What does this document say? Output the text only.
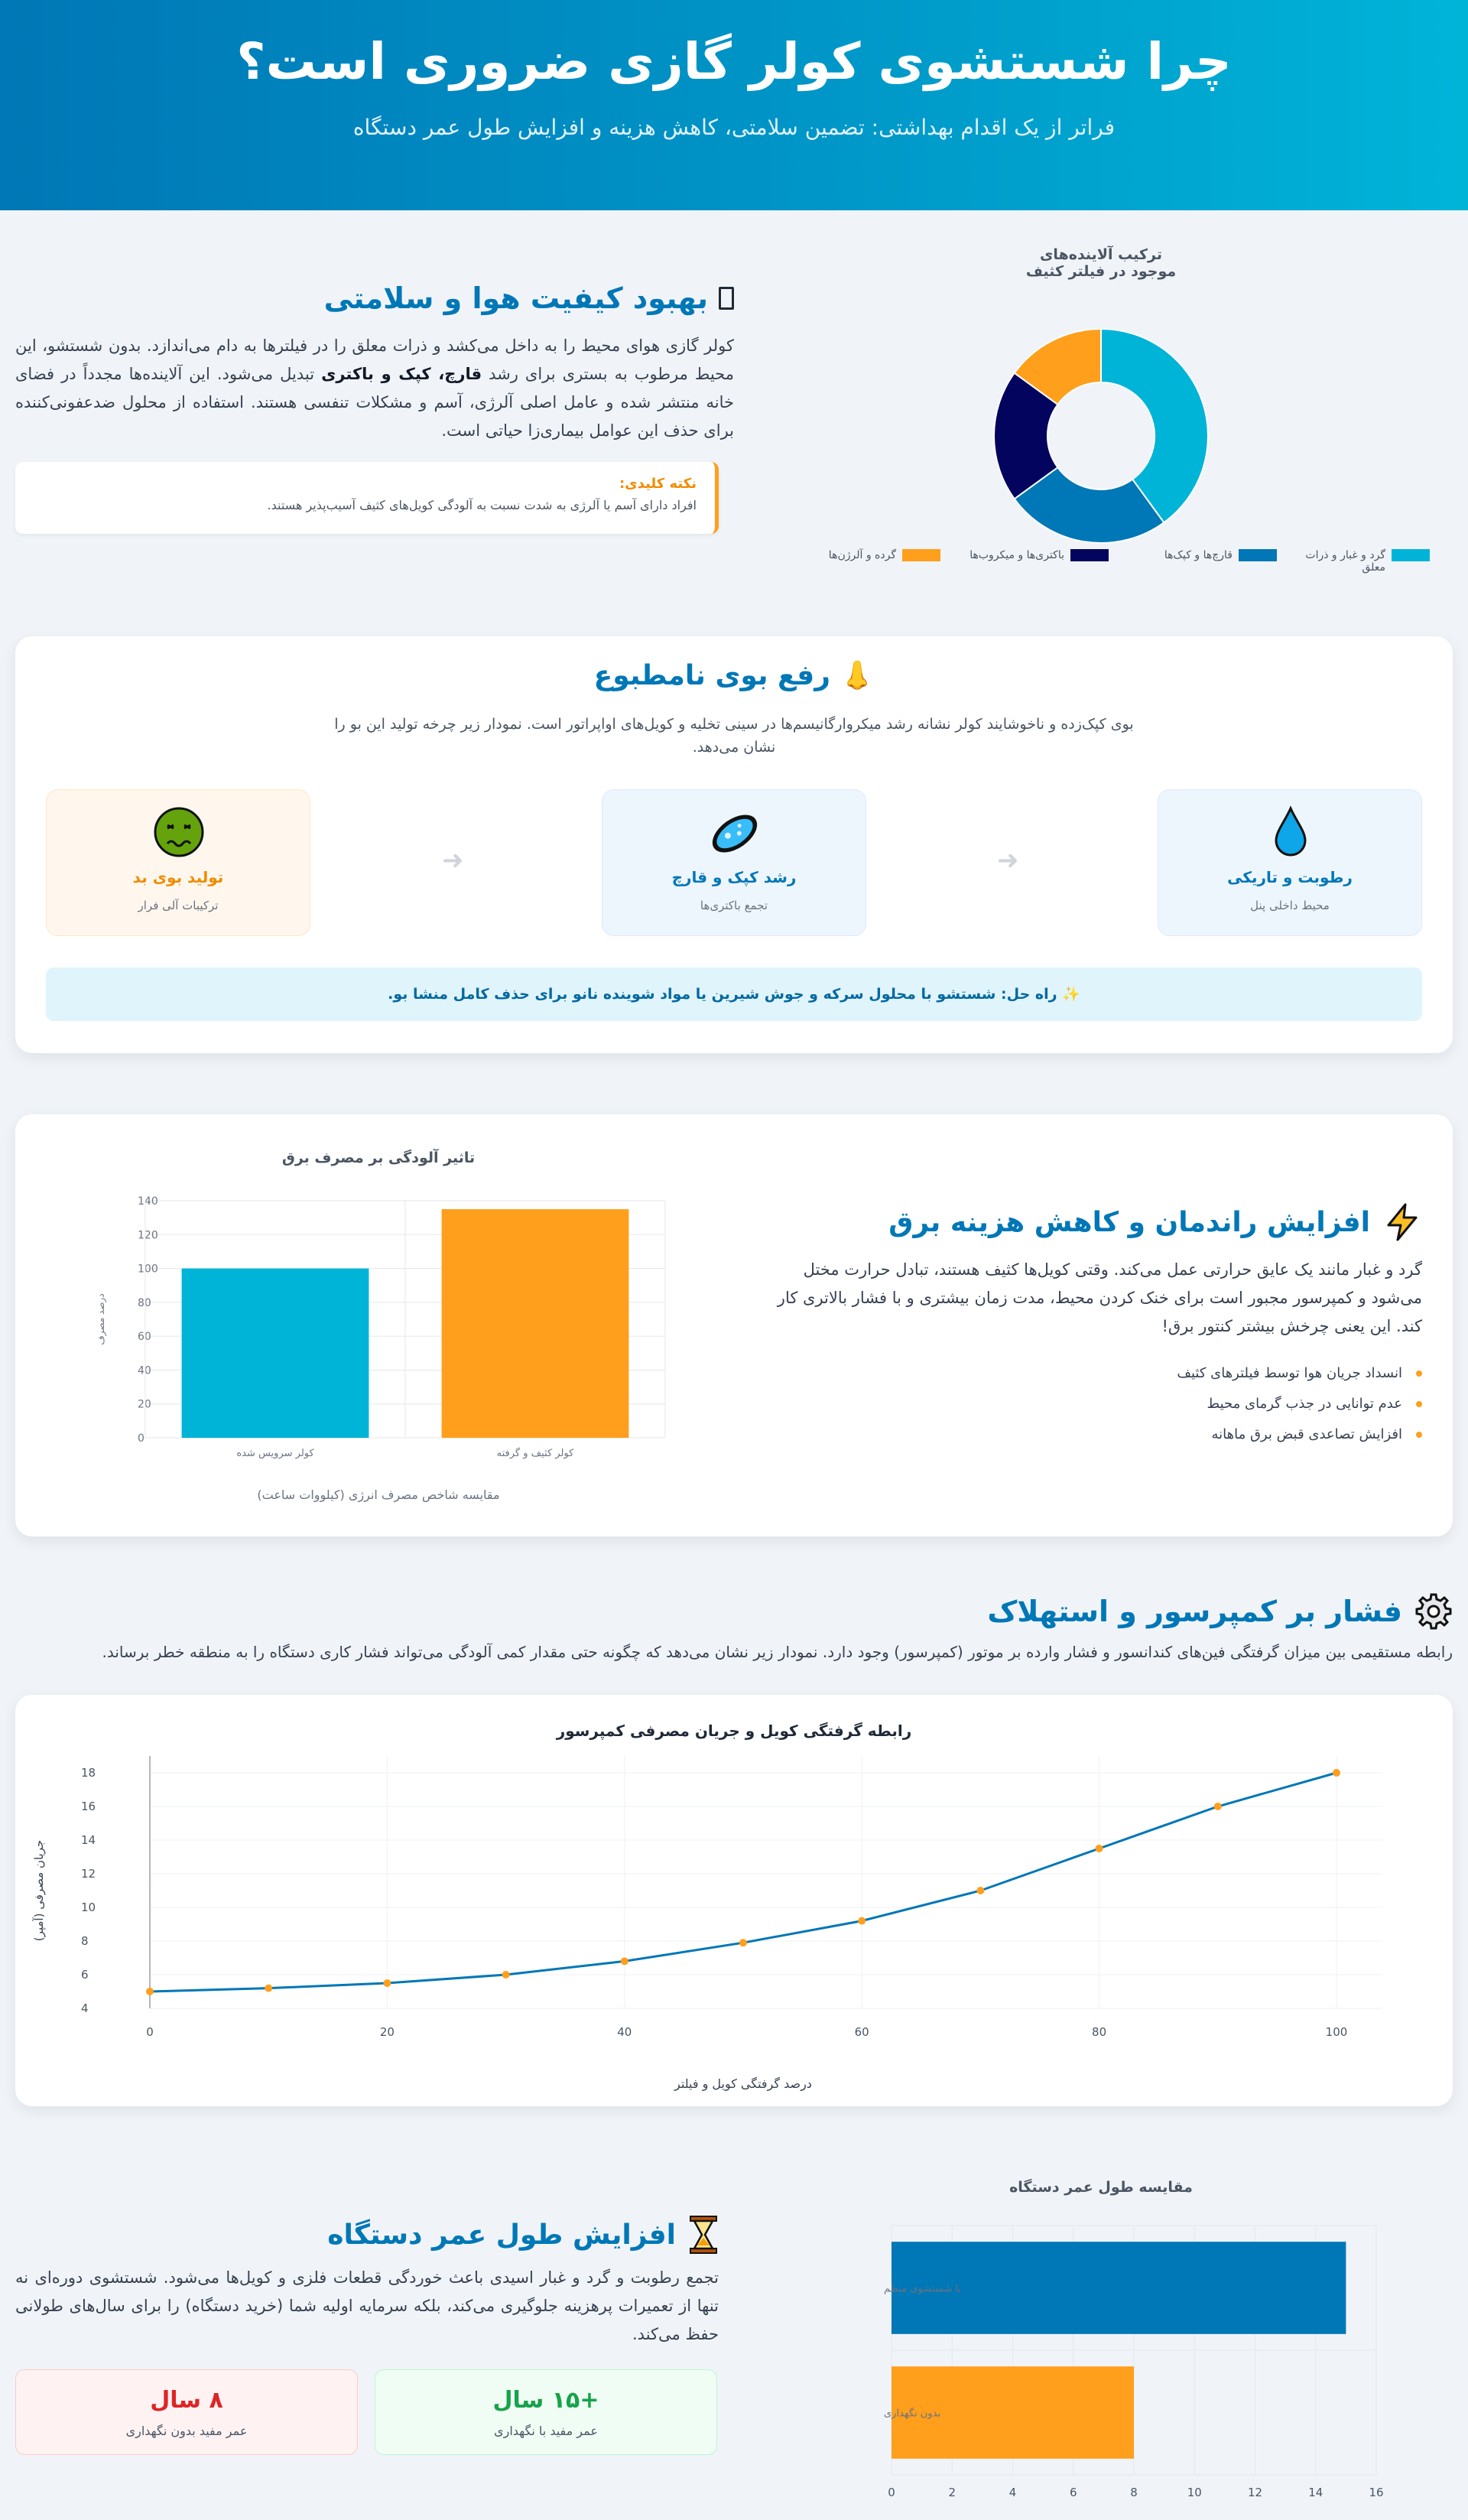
چرا شستشوی کولر گازی ضروری است؟
فراتر از یک اقدام بهداشتی: تضمین سلامتی، کاهش هزینه و افزایش طول عمر دستگاه
بهبود کیفیت هوا و سلامتی

کولر گازی هوای محیط را به داخل می‌کشد و ذرات معلق را در فیلترها به دام می‌اندازد. بدون شستشو، این محیط مرطوب به بستری برای رشد قارچ، کپک و باکتری تبدیل می‌شود. این آلاینده‌ها مجدداً در فضای خانه منتشر شده و عامل اصلی آلرژی، آسم و مشکلات تنفسی هستند. استفاده از محلول ضدعفونی‌کننده برای حذف این عوامل بیماری‌زا حیاتی است.

نکته کلیدی:
افراد دارای آسم یا آلرژی به شدت نسبت به آلودگی کویل‌های کثیف آسیب‌پذیر هستند.
ترکیب آلاینده‌های موجود در فیلتر کثیف
گرد و غبار و ذرات معلق
قارچ‌ها و کپک‌ها
باکتری‌ها و میکروب‌ها
گرده و آلرژن‌ها
👃 رفع بوی نامطبوع
بوی کپک‌زده و ناخوشایند کولر نشانه رشد میکروارگانیسم‌ها در سینی تخلیه و کویل‌های اواپراتور است. نمودار زیر چرخه تولید این بو را نشان می‌دهد.
رطوبت و تاریکی
محیط داخلی پنل
➜
رشد کپک و قارچ
تجمع باکتری‌ها
➜
تولید بوی بد
ترکیبات آلی فرار
✨ راه حل: شستشو با محلول سرکه و جوش شیرین یا مواد شوینده نانو برای حذف کامل منشا بو.
تاثیر آلودگی بر مصرف برق
0
20
40
60
80
100
120
140
کولر سرویس شده	کولر کثیف و گرفته
درصد مصرف
مقایسه شاخص مصرف انرژی (کیلووات ساعت)
افزایش راندمان و کاهش هزینه برق

گرد و غبار مانند یک عایق حرارتی عمل می‌کند. وقتی کویل‌ها کثیف هستند، تبادل حرارت مختل می‌شود و کمپرسور مجبور است برای خنک کردن محیط، مدت زمان بیشتری و با فشار بالاتری کار کند. این یعنی چرخش بیشتر کنتور برق!

انسداد جریان هوا توسط فیلترهای کثیف
عدم توانایی در جذب گرمای محیط
افزایش تصاعدی قبض برق ماهانه
فشار بر کمپرسور و استهلاک
رابطه مستقیمی بین میزان گرفتگی فین‌های کندانسور و فشار وارده بر موتور (کمپرسور) وجود دارد. نمودار زیر نشان می‌دهد که چگونه حتی مقدار کمی آلودگی می‌تواند فشار کاری دستگاه را به منطقه خطر برساند.
رابطه گرفتگی کویل و جریان مصرفی کمپرسور
4
6
8
10
12
14
16
18
0	20	40	60	80	100
جریان مصرفی (آمپر)
درصد گرفتگی کویل و فیلتر
مقایسه طول عمر دستگاه
0	2	4	6	8	10	12	14	16
با شستشوی منظم
بدون نگهداری
افزایش طول عمر دستگاه

تجمع رطوبت و گرد و غبار اسیدی باعث خوردگی قطعات فلزی و کویل‌ها می‌شود. شستشوی دوره‌ای نه تنها از تعمیرات پرهزینه جلوگیری می‌کند، بلکه سرمایه اولیه شما (خرید دستگاه) را برای سال‌های طولانی حفظ می‌کند.

+۱۵ سال
عمر مفید با نگهداری
۸ سال
عمر مفید بدون نگهداری
